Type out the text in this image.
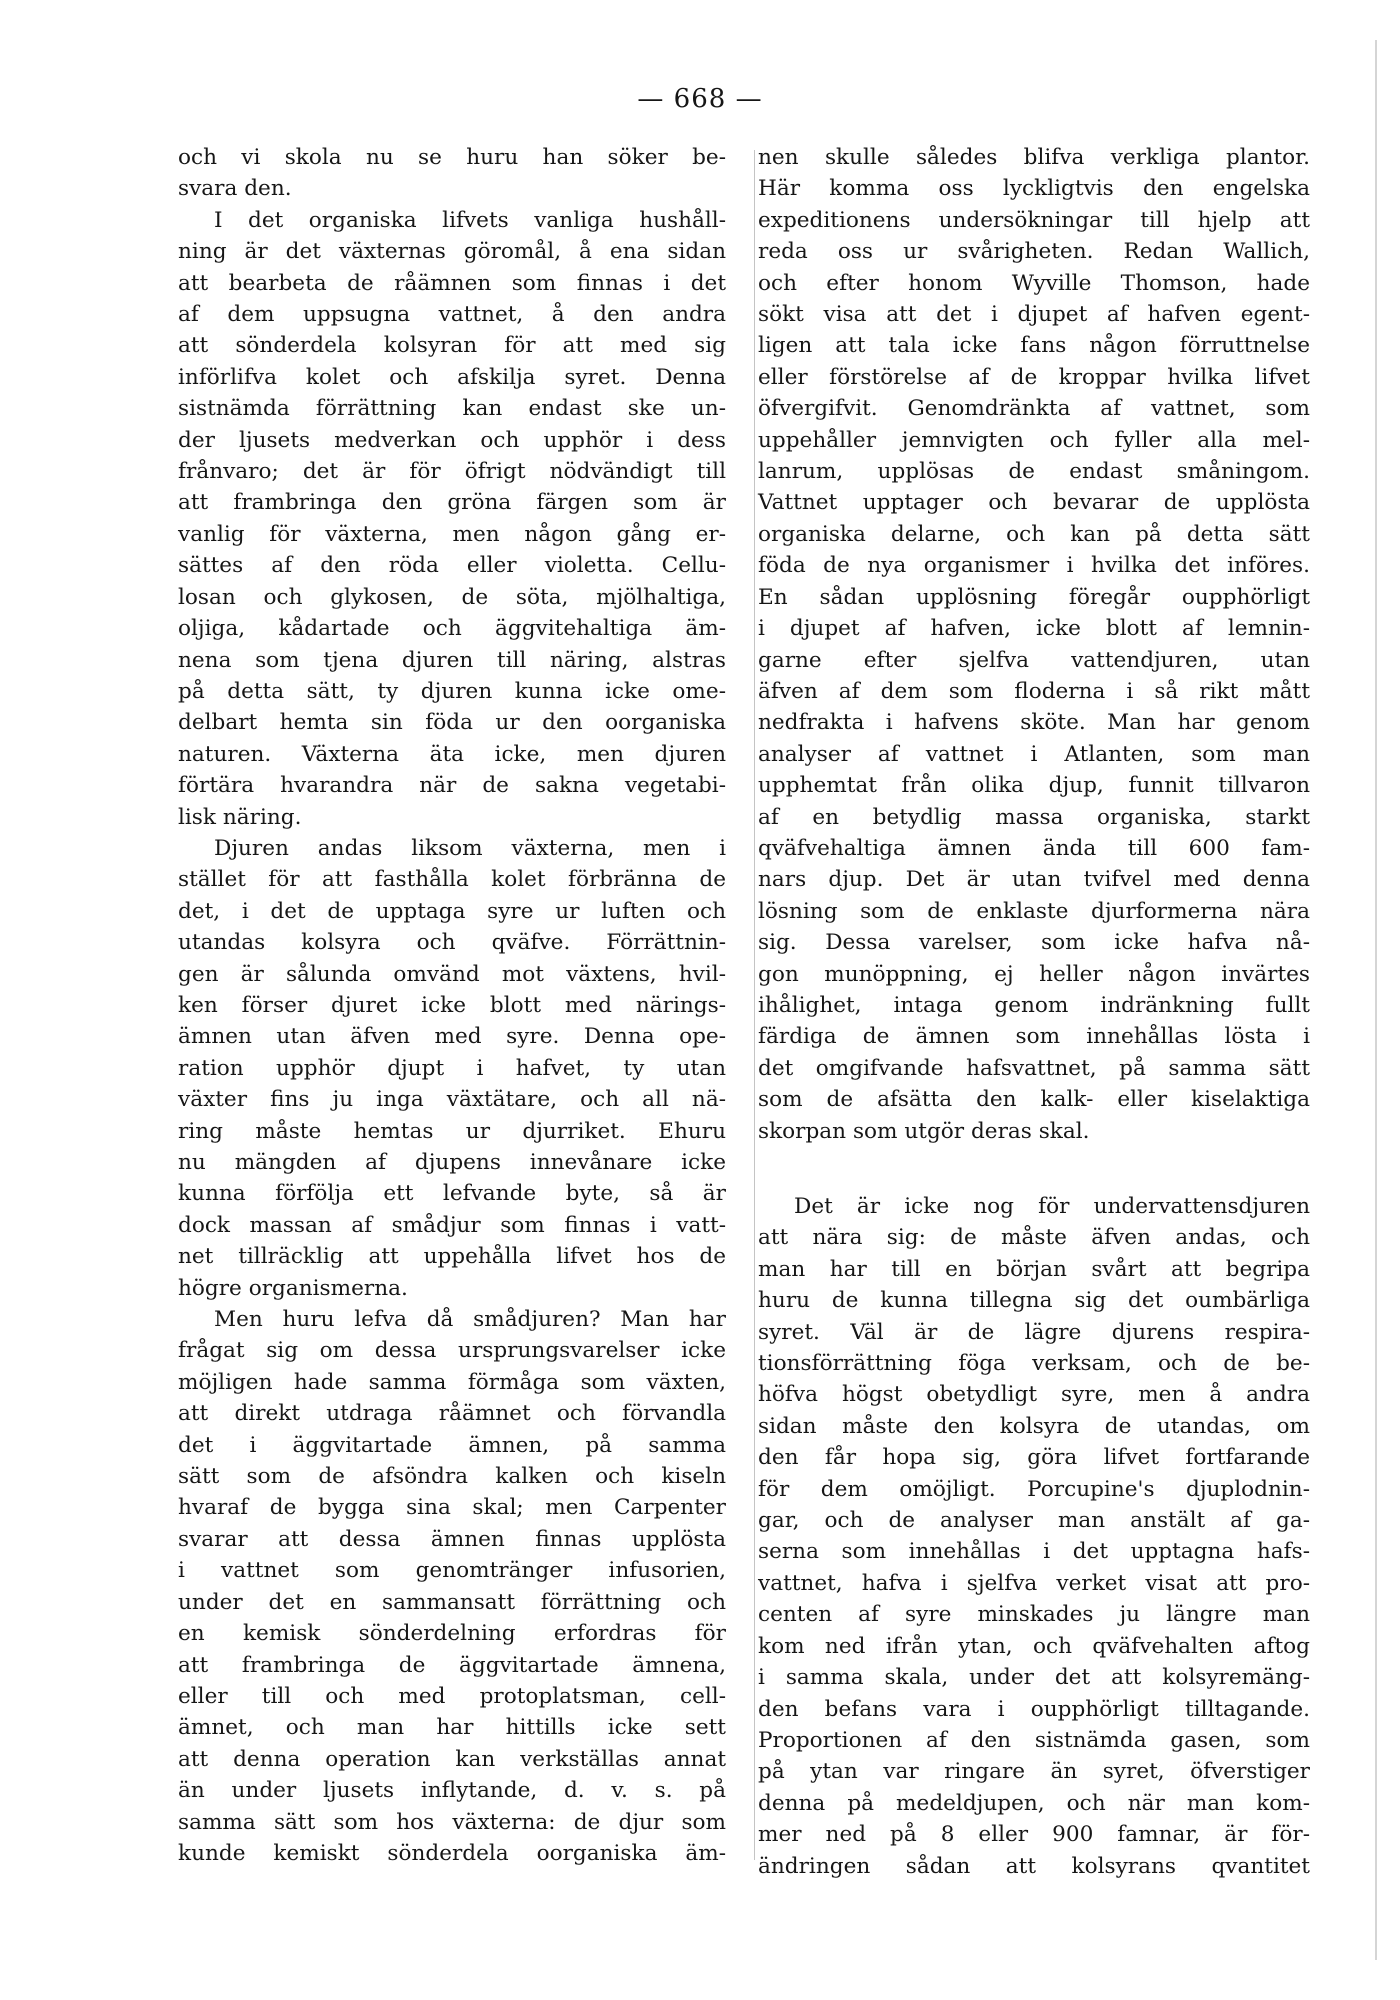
— 668 —
och vi skola nu se huru han söker be-
svara den.
I det organiska lifvets vanliga hushåll-
ning är det växternas göromål, å ena sidan
att bearbeta de råämnen som finnas i det
af dem uppsugna vattnet, å den andra
att sönderdela kolsyran för att med sig
införlifva kolet och afskilja syret. Denna
sistnämda förrättning kan endast ske un-
der ljusets medverkan och upphör i dess
frånvaro; det är för öfrigt nödvändigt till
att frambringa den gröna färgen som är
vanlig för växterna, men någon gång er-
sättes af den röda eller violetta. Cellu-
losan och glykosen, de söta, mjölhaltiga,
oljiga, kådartade och äggvitehaltiga äm-
nena som tjena djuren till näring, alstras
på detta sätt, ty djuren kunna icke ome-
delbart hemta sin föda ur den oorganiska
naturen. Växterna äta icke, men djuren
förtära hvarandra när de sakna vegetabi-
lisk näring.
Djuren andas liksom växterna, men i
stället för att fasthålla kolet förbränna de
det, i det de upptaga syre ur luften och
utandas kolsyra och qväfve. Förrättnin-
gen är sålunda omvänd mot växtens, hvil-
ken förser djuret icke blott med närings-
ämnen utan äfven med syre. Denna ope-
ration upphör djupt i hafvet, ty utan
växter fins ju inga växtätare, och all nä-
ring måste hemtas ur djurriket. Ehuru
nu mängden af djupens innevånare icke
kunna förfölja ett lefvande byte, så är
dock massan af smådjur som finnas i vatt-
net tillräcklig att uppehålla lifvet hos de
högre organismerna.
Men huru lefva då smådjuren? Man har
frågat sig om dessa ursprungsvarelser icke
möjligen hade samma förmåga som växten,
att direkt utdraga råämnet och förvandla
det i äggvitartade ämnen, på samma
sätt som de afsöndra kalken och kiseln
hvaraf de bygga sina skal; men Carpenter
svarar att dessa ämnen finnas upplösta
i vattnet som genomtränger infusorien,
under det en sammansatt förrättning och
en kemisk sönderdelning erfordras för
att frambringa de äggvitartade ämnena,
eller till och med protoplatsman, cell-
ämnet, och man har hittills icke sett
att denna operation kan verkställas annat
än under ljusets inflytande, d. v. s. på
samma sätt som hos växterna: de djur som
kunde kemiskt sönderdela oorganiska äm-
nen skulle således blifva verkliga plantor.
Här komma oss lyckligtvis den engelska
expeditionens undersökningar till hjelp att
reda oss ur svårigheten. Redan Wallich,
och efter honom Wyville Thomson, hade
sökt visa att det i djupet af hafven egent-
ligen att tala icke fans någon förruttnelse
eller förstörelse af de kroppar hvilka lifvet
öfvergifvit. Genomdränkta af vattnet, som
uppehåller jemnvigten och fyller alla mel-
lanrum, upplösas de endast småningom.
Vattnet upptager och bevarar de upplösta
organiska delarne, och kan på detta sätt
föda de nya organismer i hvilka det införes.
En sådan upplösning föregår oupphörligt
i djupet af hafven, icke blott af lemnin-
garne efter sjelfva vattendjuren, utan
äfven af dem som floderna i så rikt mått
nedfrakta i hafvens sköte. Man har genom
analyser af vattnet i Atlanten, som man
upphemtat från olika djup, funnit tillvaron
af en betydlig massa organiska, starkt
qväfvehaltiga ämnen ända till 600 fam-
nars djup. Det är utan tvifvel med denna
lösning som de enklaste djurformerna nära
sig. Dessa varelser, som icke hafva nå-
gon munöppning, ej heller någon invärtes
ihålighet, intaga genom indränkning fullt
färdiga de ämnen som innehållas lösta i
det omgifvande hafsvattnet, på samma sätt
som de afsätta den kalk- eller kiselaktiga
skorpan som utgör deras skal.
Det är icke nog för undervattensdjuren
att nära sig: de måste äfven andas, och
man har till en början svårt att begripa
huru de kunna tillegna sig det oumbärliga
syret. Väl är de lägre djurens respira-
tionsförrättning föga verksam, och de be-
höfva högst obetydligt syre, men å andra
sidan måste den kolsyra de utandas, om
den får hopa sig, göra lifvet fortfarande
för dem omöjligt. Porcupine's djuplodnin-
gar, och de analyser man anstält af ga-
serna som innehållas i det upptagna hafs-
vattnet, hafva i sjelfva verket visat att pro-
centen af syre minskades ju längre man
kom ned ifrån ytan, och qväfvehalten aftog
i samma skala, under det att kolsyremäng-
den befans vara i oupphörligt tilltagande.
Proportionen af den sistnämda gasen, som
på ytan var ringare än syret, öfverstiger
denna på medeldjupen, och när man kom-
mer ned på 8 eller 900 famnar, är för-
ändringen sådan att kolsyrans qvantitet
